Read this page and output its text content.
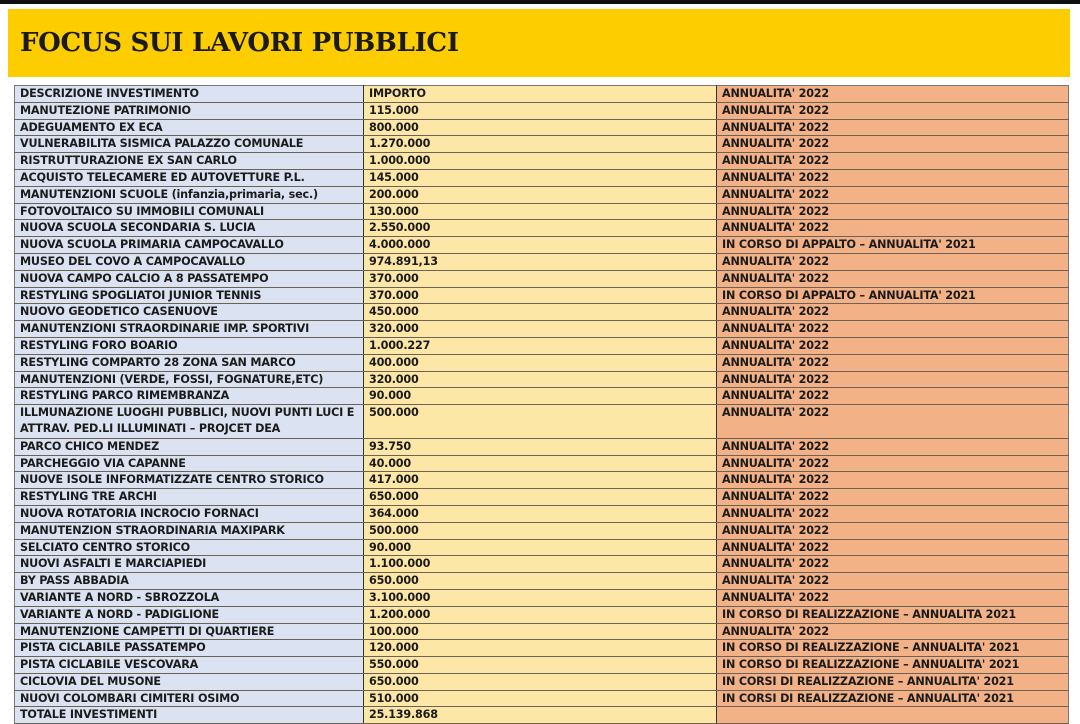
FOCUS SUI LAVORI PUBBLICI
DESCRIZIONE INVESTIMENTO	IMPORTO	ANNUALITA' 2022
MANUTEZIONE PATRIMONIO	115.000	ANNUALITA' 2022
ADEGUAMENTO EX ECA	800.000	ANNUALITA' 2022
VULNERABILITA SISMICA PALAZZO COMUNALE	1.270.000	ANNUALITA' 2022
RISTRUTTURAZIONE EX SAN CARLO	1.000.000	ANNUALITA' 2022
ACQUISTO TELECAMERE ED AUTOVETTURE P.L.	145.000	ANNUALITA' 2022
MANUTENZIONI SCUOLE (infanzia,primaria, sec.)	200.000	ANNUALITA' 2022
FOTOVOLTAICO SU IMMOBILI COMUNALI	130.000	ANNUALITA' 2022
NUOVA SCUOLA SECONDARIA S. LUCIA	2.550.000	ANNUALITA' 2022
NUOVA SCUOLA PRIMARIA CAMPOCAVALLO	4.000.000	IN CORSO DI APPALTO – ANNUALITA' 2021
MUSEO DEL COVO A CAMPOCAVALLO	974.891,13	ANNUALITA' 2022
NUOVA CAMPO CALCIO A 8 PASSATEMPO	370.000	ANNUALITA' 2022
RESTYLING SPOGLIATOI JUNIOR TENNIS	370.000	IN CORSO DI APPALTO – ANNUALITA' 2021
NUOVO GEODETICO CASENUOVE	450.000	ANNUALITA' 2022
MANUTENZIONI STRAORDINARIE IMP. SPORTIVI	320.000	ANNUALITA' 2022
RESTYLING FORO BOARIO	1.000.227	ANNUALITA' 2022
RESTYLING COMPARTO 28 ZONA SAN MARCO	400.000	ANNUALITA' 2022
MANUTENZIONI (VERDE, FOSSI, FOGNATURE,ETC)	320.000	ANNUALITA' 2022
RESTYLING PARCO RIMEMBRANZA	90.000	ANNUALITA' 2022
ILLMUNAZIONE LUOGHI PUBBLICI, NUOVI PUNTI LUCI E ATTRAV. PED.LI ILLUMINATI – PROJCET DEA	500.000	ANNUALITA' 2022
PARCO CHICO MENDEZ	93.750	ANNUALITA' 2022
PARCHEGGIO VIA CAPANNE	40.000	ANNUALITA' 2022
NUOVE ISOLE INFORMATIZZATE CENTRO STORICO	417.000	ANNUALITA' 2022
RESTYLING TRE ARCHI	650.000	ANNUALITA' 2022
NUOVA ROTATORIA INCROCIO FORNACI	364.000	ANNUALITA' 2022
MANUTENZION STRAORDINARIA MAXIPARK	500.000	ANNUALITA' 2022
SELCIATO CENTRO STORICO	90.000	ANNUALITA' 2022
NUOVI ASFALTI E MARCIAPIEDI	1.100.000	ANNUALITA' 2022
BY PASS ABBADIA	650.000	ANNUALITA' 2022
VARIANTE A NORD - SBROZZOLA	3.100.000	ANNUALITA' 2022
VARIANTE A NORD - PADIGLIONE	1.200.000	IN CORSO DI REALIZZAZIONE – ANNUALITA 2021
MANUTENZIONE CAMPETTI DI QUARTIERE	100.000	ANNUALITA' 2022
PISTA CICLABILE PASSATEMPO	120.000	IN CORSO DI REALIZZAZIONE – ANNUALITA' 2021
PISTA CICLABILE VESCOVARA	550.000	IN CORSO DI REALIZZAZIONE – ANNUALITA' 2021
CICLOVIA DEL MUSONE	650.000	IN CORSI DI REALIZZAZIONE – ANNUALITA' 2021
NUOVI COLOMBARI CIMITERI OSIMO	510.000	IN CORSI DI REALIZZAZIONE – ANNUALITA' 2021
TOTALE INVESTIMENTI	25.139.868	
